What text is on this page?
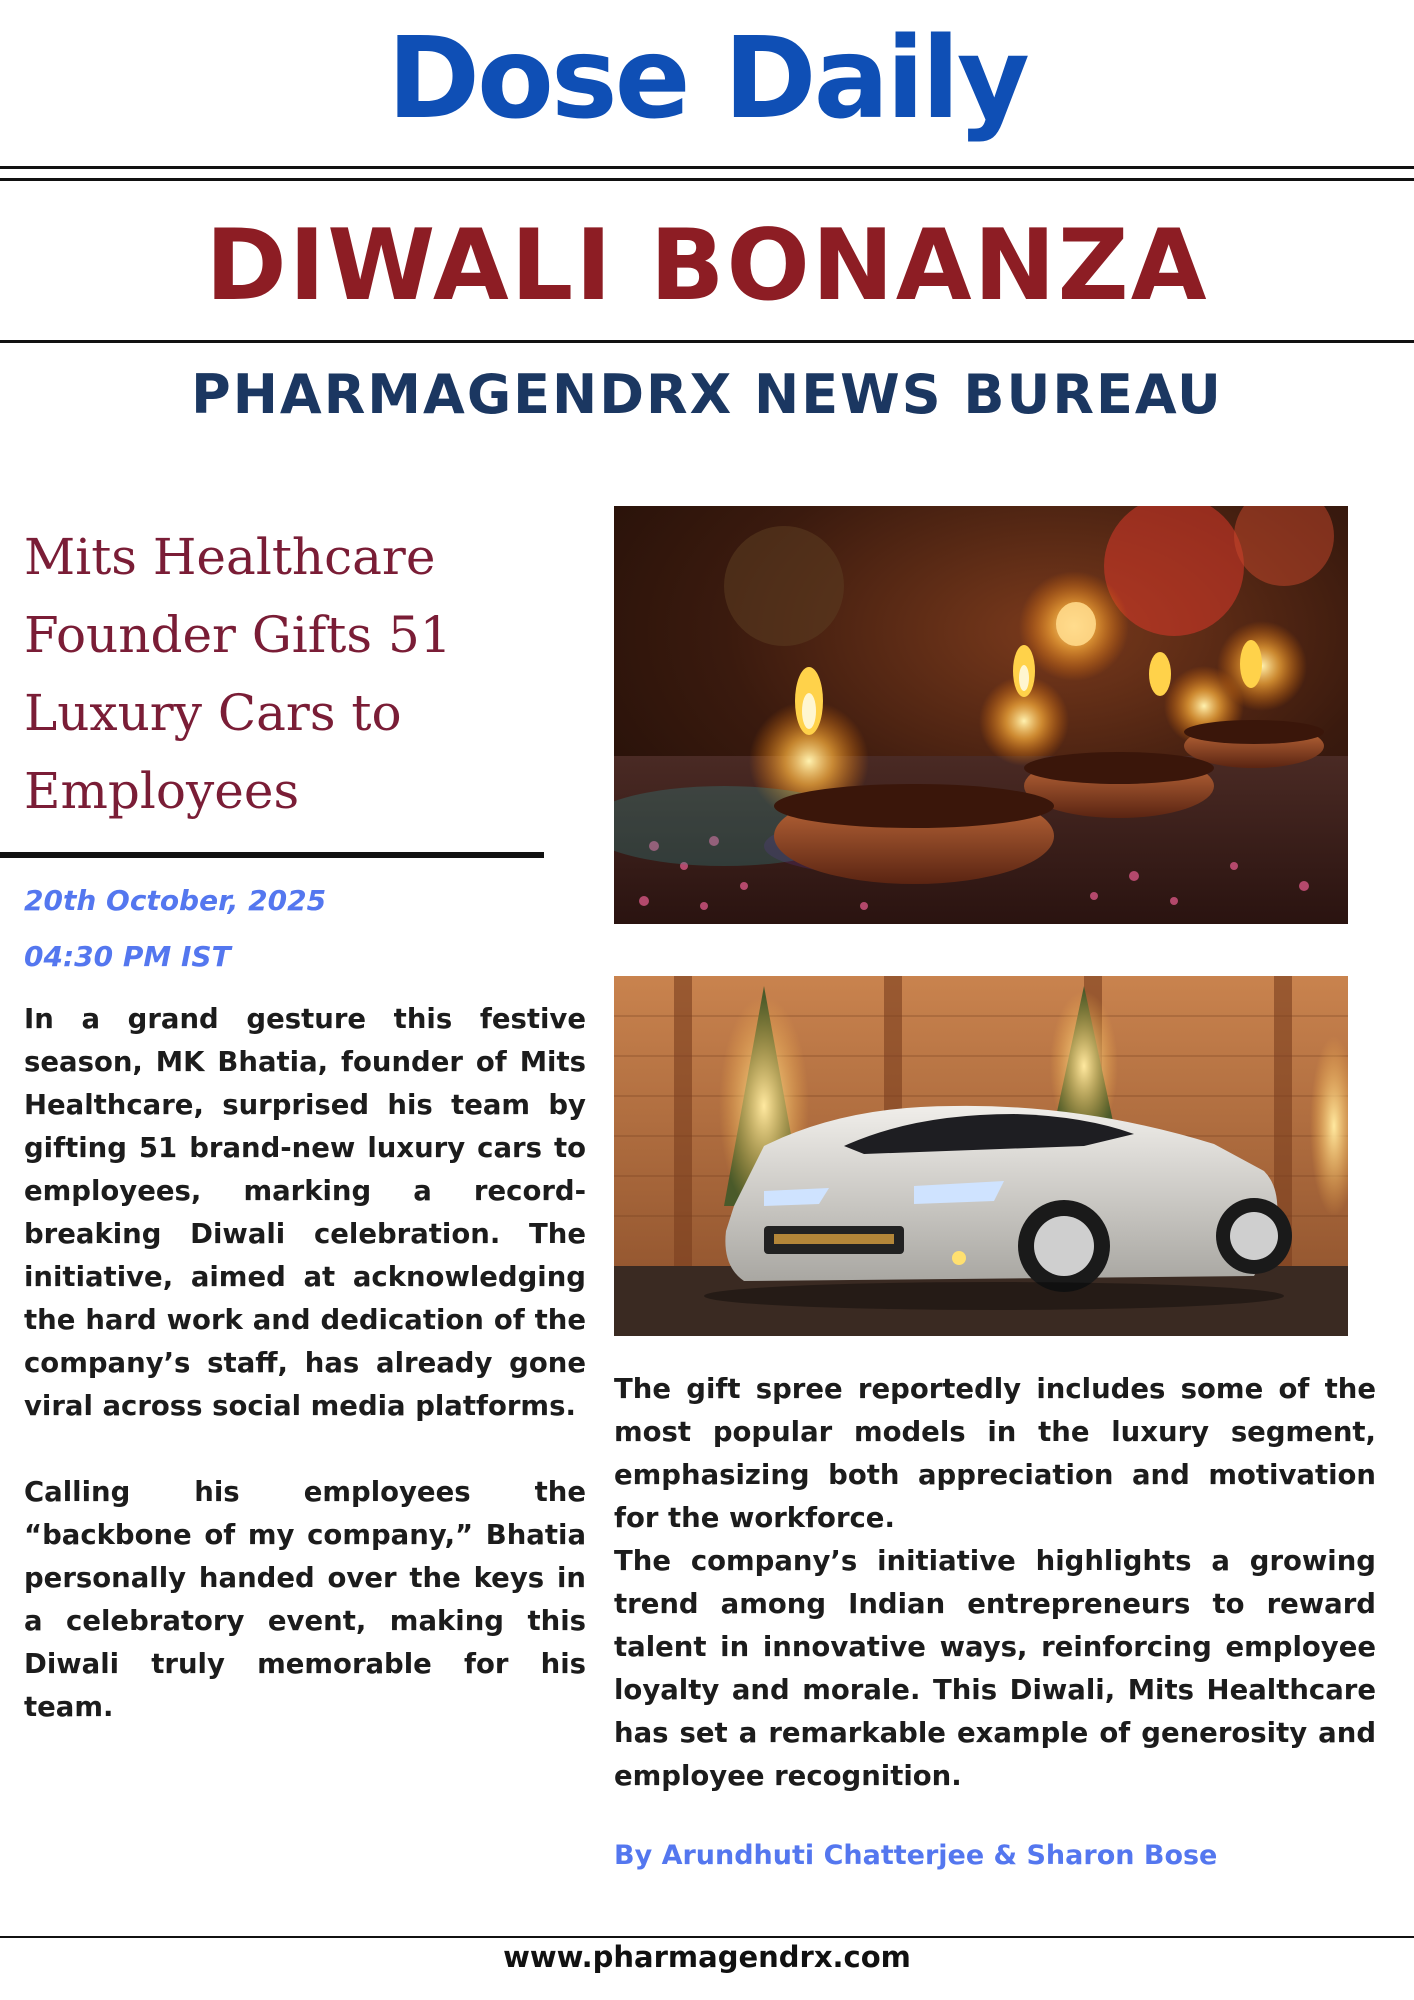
Dose Daily
DIWALI BONANZA
PHARMAGENDRX NEWS BUREAU
Mits Healthcare Founder Gifts 51 Luxury Cars to Employees
20th October, 2025
04:30 PM IST

In a grand gesture this festive season, MK Bhatia, founder of Mits Healthcare, surprised his team by gifting 51 brand-new luxury cars to employees, marking a record-breaking Diwali celebration. The initiative, aimed at acknowledging the hard work and dedication of the company’s staff, has already gone viral across social media platforms.

Calling his employees the “backbone of my company,” Bhatia personally handed over the keys in a celebratory event, making this Diwali truly memorable for his team.

The gift spree reportedly includes some of the most popular models in the luxury segment, emphasizing both appreciation and motivation for the workforce.

The company’s initiative highlights a growing trend among Indian entrepreneurs to reward talent in innovative ways, reinforcing employee loyalty and morale. This Diwali, Mits Healthcare has set a remarkable example of generosity and employee recognition.

By Arundhuti Chatterjee & Sharon Bose
www.pharmagendrx.com
